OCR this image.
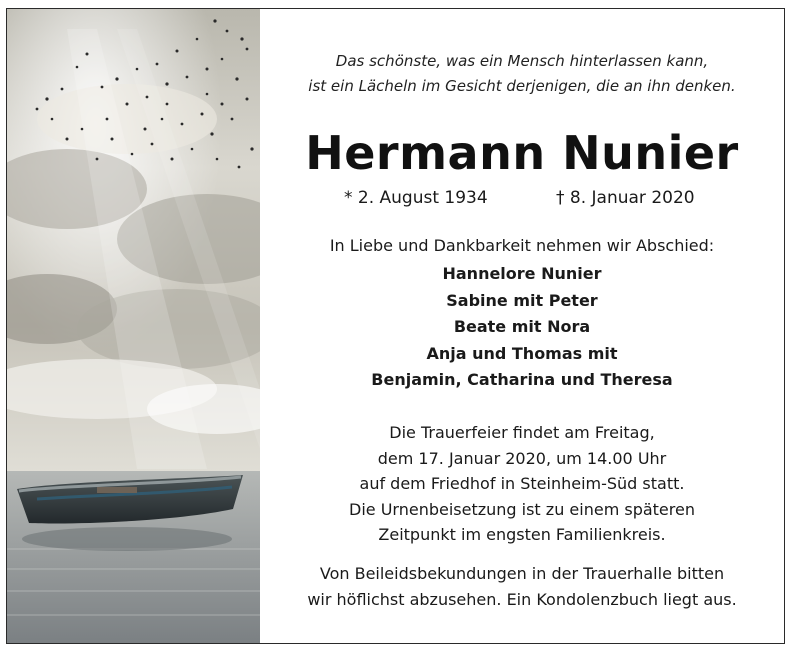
Das schönste, was ein Mensch hinterlassen kann,
ist ein Lächeln im Gesicht derjenigen, die an ihn denken.
Hermann Nunier
* 2. August 1934	† 8. Januar 2020
In Liebe und Dankbarkeit nehmen wir Abschied:
Hannelore Nunier
Sabine mit Peter
Beate mit Nora
Anja und Thomas mit
Benjamin, Catharina und Theresa
Die Trauerfeier findet am Freitag,
dem 17. Januar 2020, um 14.00 Uhr
auf dem Friedhof in Steinheim-Süd statt.
Die Urnenbeisetzung ist zu einem späteren
Zeitpunkt im engsten Familienkreis.
Von Beileidsbekundungen in der Trauerhalle bitten
wir höflichst abzusehen. Ein Kondolenzbuch liegt aus.
